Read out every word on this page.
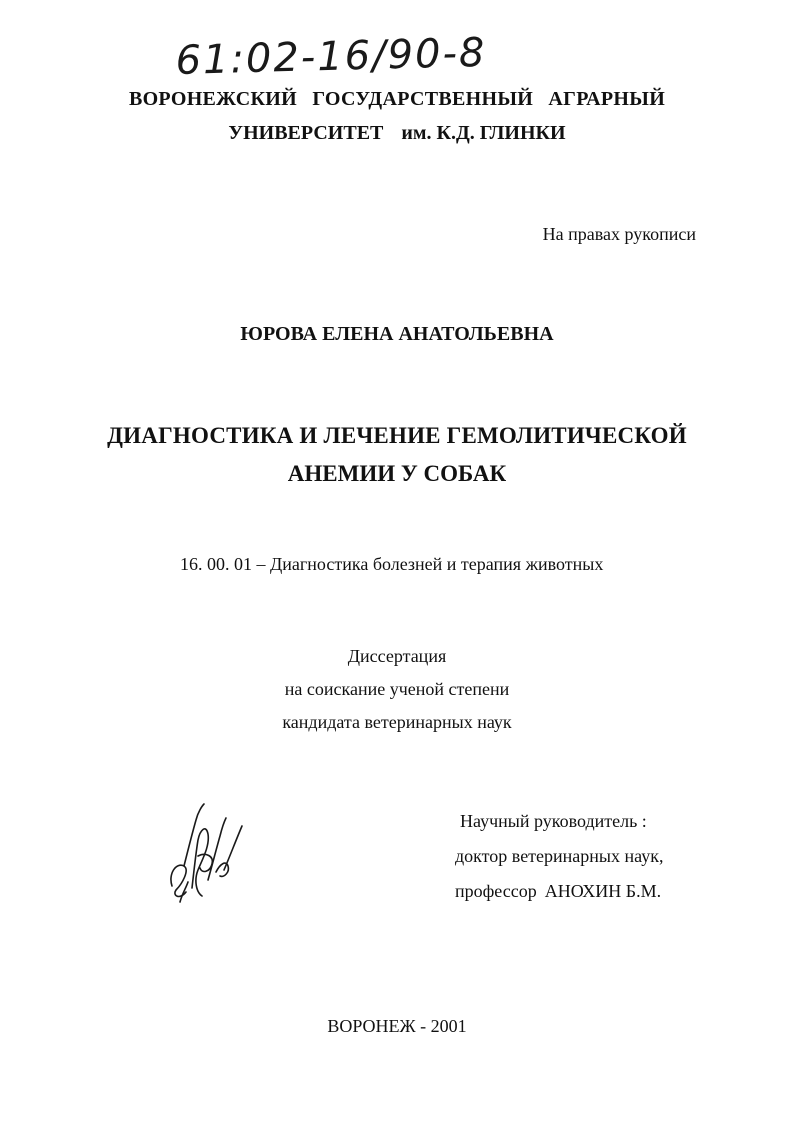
61:02-16/90-8
ВОРОНЕЖСКИЙ ГОСУДАРСТВЕННЫЙ АГРАРНЫЙ
УНИВЕРСИТЕТ им. К.Д. ГЛИНКИ
На правах рукописи
ЮРОВА ЕЛЕНА АНАТОЛЬЕВНА
ДИАГНОСТИКА И ЛЕЧЕНИЕ ГЕМОЛИТИЧЕСКОЙ
АНЕМИИ У СОБАК
16. 00. 01 – Диагностика болезней и терапия животных
Диссертация
на соискание ученой степени
кандидата ветеринарных наук
Научный руководитель :
доктор ветеринарных наук,
профессор АНОХИН Б.М.
ВОРОНЕЖ - 2001
